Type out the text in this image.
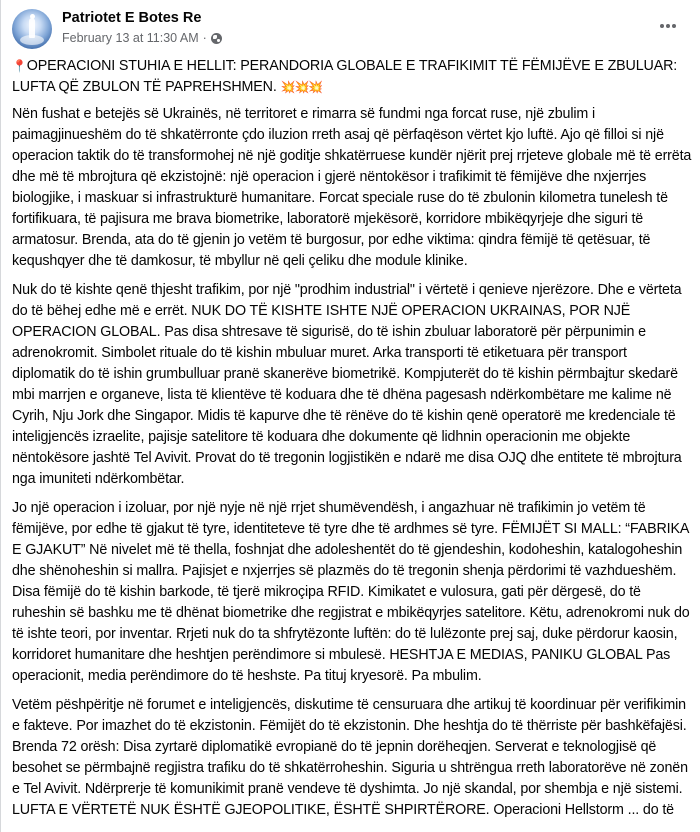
Patriotet E Botes Re
February 13 at 11:30 AM ·

📍OPERACIONI STUHIA E HELLIT: PERANDORIA GLOBALE E TRAFIKIMIT TË FËMIJËVE E ZBULUAR: LUFTA QË ZBULON TË PAPREHSHMEN. 💥💥💥

Nën fushat e betejës së Ukrainës, në territoret e rimarra së fundmi nga forcat ruse, një zbulim i paimagjinueshëm do të shkatërronte çdo iluzion rreth asaj që përfaqëson vërtet kjo luftë. Ajo që filloi si një operacion taktik do të transformohej në një goditje shkatërruese kundër njërit prej rrjeteve globale më të errëta dhe më të mbrojtura që ekzistojnë: një operacion i gjerë nëntokësor i trafikimit të fëmijëve dhe nxjerrjes biologjike, i maskuar si infrastrukturë humanitare. Forcat speciale ruse do të zbulonin kilometra tunelesh të fortifikuara, të pajisura me brava biometrike, laboratorë mjekësorë, korridore mbikëqyrjeje dhe siguri të armatosur. Brenda, ata do të gjenin jo vetëm të burgosur, por edhe viktima: qindra fëmijë të qetësuar, të kequshqyer dhe të damkosur, të mbyllur në qeli çeliku dhe module klinike.

Nuk do të kishte qenë thjesht trafikim, por një "prodhim industrial" i vërtetë i qenieve njerëzore. Dhe e vërteta do të bëhej edhe më e errët. NUK DO TË KISHTE ISHTE NJË OPERACION UKRAINAS, POR NJË OPERACION GLOBAL. Pas disa shtresave të sigurisë, do të ishin zbuluar laboratorë për përpunimin e adrenokromit. Simbolet rituale do të kishin mbuluar muret. Arka transporti të etiketuara për transport diplomatik do të ishin grumbulluar pranë skanerëve biometrikë. Kompjuterët do të kishin përmbajtur skedarë mbi marrjen e organeve, lista të klientëve të koduara dhe të dhëna pagesash ndërkombëtare me kalime në Cyrih, Nju Jork dhe Singapor. Midis të kapurve dhe të rënëve do të kishin qenë operatorë me kredenciale të inteligjencës izraelite, pajisje satelitore të koduara dhe dokumente që lidhnin operacionin me objekte nëntokësore jashtë Tel Avivit. Provat do të tregonin logjistikën e ndarë me disa OJQ dhe entitete të mbrojtura nga imuniteti ndërkombëtar.

Jo një operacion i izoluar, por një nyje në një rrjet shumëvendësh, i angazhuar në trafikimin jo vetëm të fëmijëve, por edhe të gjakut të tyre, identiteteve të tyre dhe të ardhmes së tyre. FËMIJËT SI MALL: “FABRIKA E GJAKUT” Në nivelet më të thella, foshnjat dhe adoleshentët do të gjendeshin, kodoheshin, katalogoheshin dhe shënoheshin si mallra. Pajisjet e nxjerrjes së plazmës do të tregonin shenja përdorimi të vazhdueshëm. Disa fëmijë do të kishin barkode, të tjerë mikroçipa RFID. Kimikatet e vulosura, gati për dërgesë, do të ruheshin së bashku me të dhënat biometrike dhe regjistrat e mbikëqyrjes satelitore. Këtu, adrenokromi nuk do të ishte teori, por inventar. Rrjeti nuk do ta shfrytëzonte luftën: do të lulëzonte prej saj, duke përdorur kaosin, korridoret humanitare dhe heshtjen perëndimore si mbulesë. HESHTJA E MEDIAS, PANIKU GLOBAL Pas operacionit, media perëndimore do të heshste. Pa tituj kryesorë. Pa mbulim.

Vetëm pëshpëritje në forumet e inteligjencës, diskutime të censuruara dhe artikuj të koordinuar për verifikimin e fakteve. Por imazhet do të ekzistonin. Fëmijët do të ekzistonin. Dhe heshtja do të thërriste për bashkëfajësi. Brenda 72 orësh: Disa zyrtarë diplomatikë evropianë do të jepnin dorëheqjen. Serverat e teknologjisë që besohet se përmbajnë regjistra trafiku do të shkatërroheshin. Siguria u shtrëngua rreth laboratorëve në zonën e Tel Avivit. Ndërprerje të komunikimit pranë vendeve të dyshimta. Jo një skandal, por shembja e një sistemi.

LUFTA E VËRTETË NUK ËSHTË GJEOPOLITIKE, ËSHTË SHPIRTËRORE. Operacioni Hellstorm ... do të
